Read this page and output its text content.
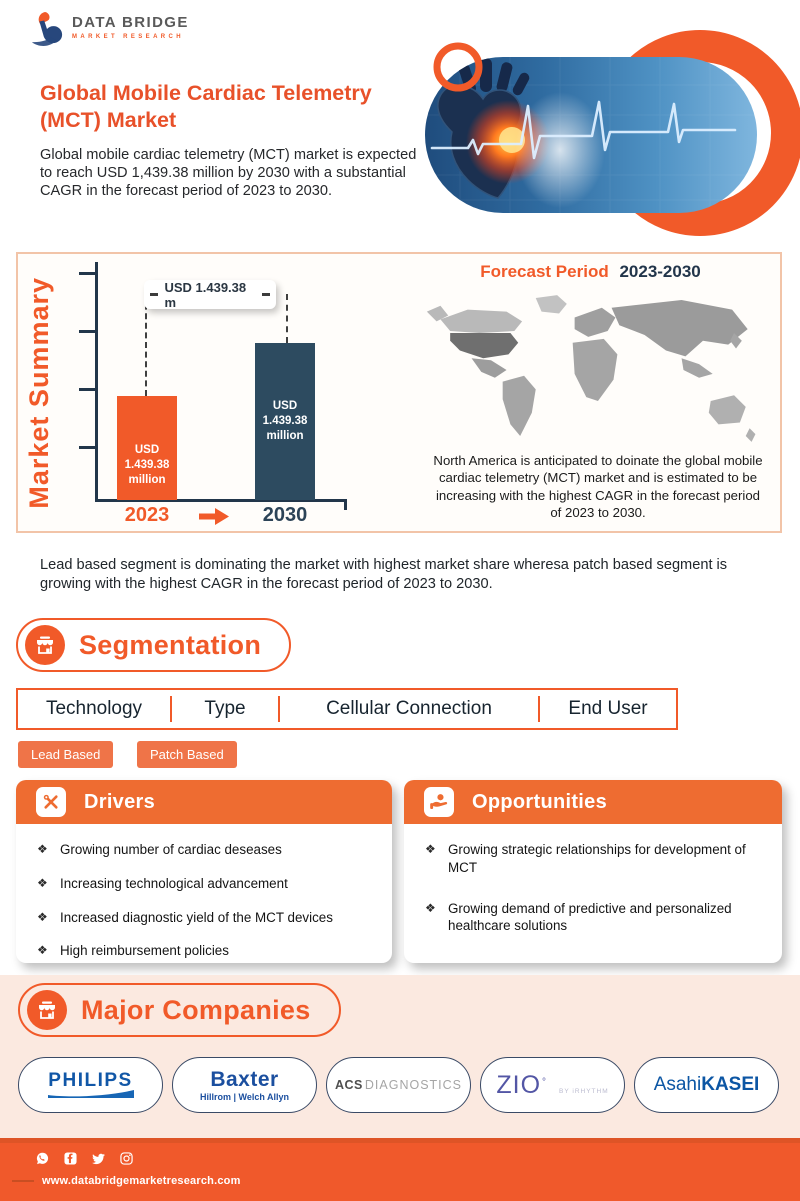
DATA BRIDGE
MARKET RESEARCH
Global Mobile Cardiac Telemetry (MCT) Market

Global mobile cardiac telemetry (MCT) market is expected to reach USD 1,439.38 million by 2030 with a substantial CAGR in the forecast period of 2023 to 2030.

Market Summary	USD 1.439.38 million
USD 1.439.38 million
USD 1.439.38 m
2023	2030
Forecast Period 2023-2030

North America is anticipated to doinate the global mobile cardiac telemetry (MCT) market and is estimated to be increasing with the highest CAGR in the forecast period of 2023 to 2030.

Lead based segment is dominating the market with highest market share wheresa patch based segment is growing with the highest CAGR in the forecast period of 2023 to 2030.

Segmentation
Technology	Type	Cellular Connection	End User
Lead Based	Patch Based
Drivers
❖ Growing number of cardiac deseases
❖ Increasing technological advancement
❖ Increased diagnostic yield of the MCT devices
❖ High reimbursement policies
Opportunities
❖ Growing strategic relationships for development of MCT
❖ Growing demand of predictive and personalized healthcare solutions
Major Companies
PHILIPS	Baxter
Hillrom | Welch Allyn
ACS DIAGNOSTICS ZIO °
BY iRHYTHM Asahi KASEI
www.databridgemarketresearch.com
